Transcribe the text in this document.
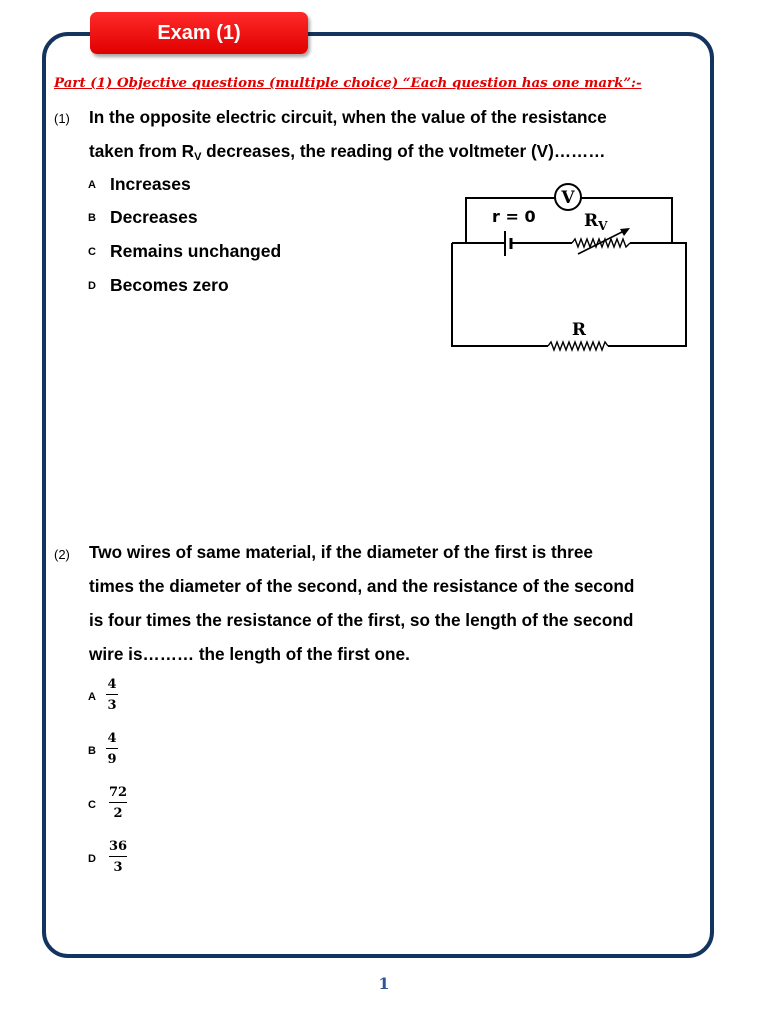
Exam (1)
Part (1) Objective questions (multiple choice) “Each question has one mark”:-
(1) In the opposite electric circuit, when the value of the resistance
taken from $R_V$ decreases, the reading of the voltmeter (V)………
A Increases
B Decreases
C Remains unchanged
D Becomes zero
V
r = 0	$R_V$
R
(2) Two wires of same material, if the diameter of the first is three
times the diameter of the second, and the resistance of the second
is four times the resistance of the first, so the length of the second
wire is……… the length of the first one.
A
4
3
B
4
9
C
72
2
D
36
3
1
